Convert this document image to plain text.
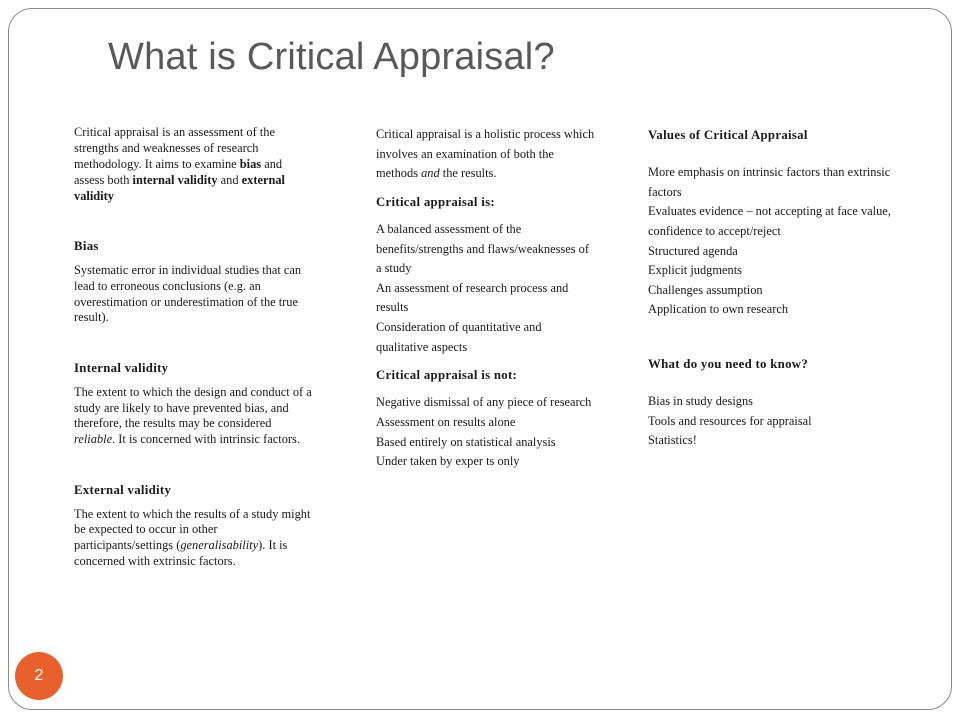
What is Critical Appraisal?

Critical appraisal is an assessment of the strengths and weaknesses of research methodology. It aims to examine bias and assess both internal validity and external validity

Bias

Systematic error in individual studies that can lead to erroneous conclusions (e.g. an overestimation or underestimation of the true result).

Internal validity

The extent to which the design and conduct of a study are likely to have prevented bias, and therefore, the results may be considered reliable. It is concerned with intrinsic factors.

External validity

The extent to which the results of a study might be expected to occur in other participants/settings (generalisability). It is concerned with extrinsic factors.

Critical appraisal is a holistic process which involves an examination of both the methods and the results.

Critical appraisal is:

A balanced assessment of the benefits/strengths and flaws/weaknesses of a study

An assessment of research process and results

Consideration of quantitative and qualitative aspects

Critical appraisal is not:

Negative dismissal of any piece of research

Assessment on results alone

Based entirely on statistical analysis

Under taken by exper ts only

Values of Critical Appraisal

More emphasis on intrinsic factors than extrinsic factors

Evaluates evidence – not accepting at face value, confidence to accept/reject

Structured agenda

Explicit judgments

Challenges assumption

Application to own research

What do you need to know?

Bias in study designs

Tools and resources for appraisal

Statistics!

2
